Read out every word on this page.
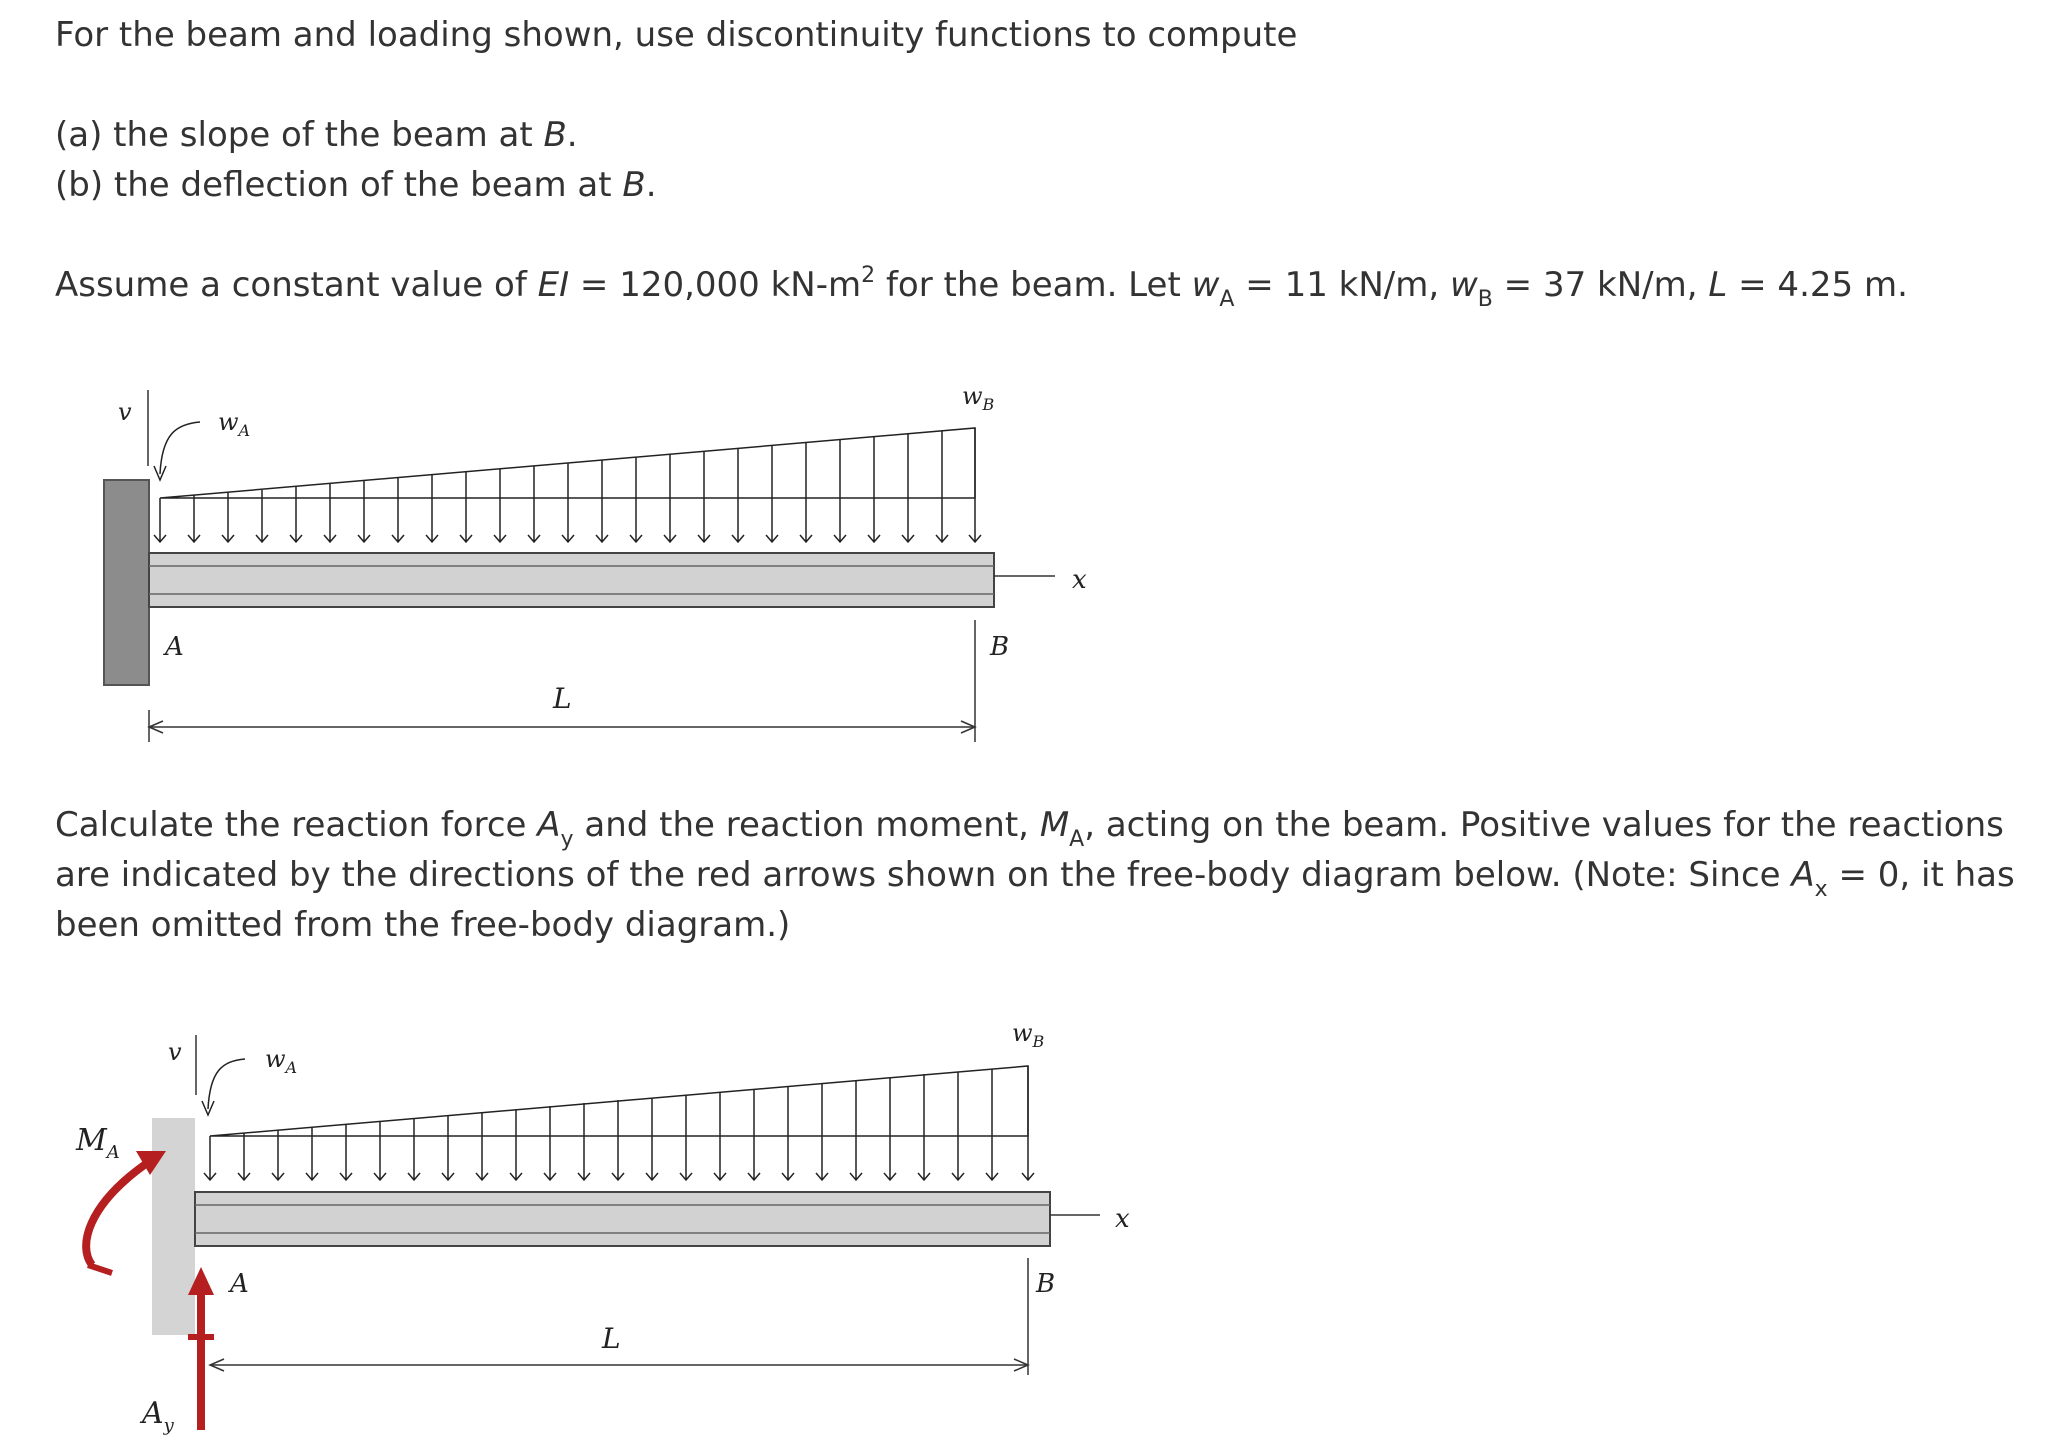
For the beam and loading shown, use discontinuity functions to compute
(a) the slope of the beam at B.
(b) the deflection of the beam at B.
Assume a constant value of EI = 120,000 $kN-m^2$ for the beam. Let $w_A = 11$ kN/m, $w_B = 37$ kN/m, L = 4.25 m.
x
v	$w_A$
$w_B$
A	B
L
Calculate the reaction force $A_y$ and the reaction moment, $M_A$, acting on the beam. Positive values for the reactions are indicated by the directions of the red arrows shown on the free-body diagram below. (Note: Since $A_x = 0$, it has been omitted from the free-body diagram.)
x
v	$w_A$
$w_B$
A	B
L
$M_A$
$A_y$
